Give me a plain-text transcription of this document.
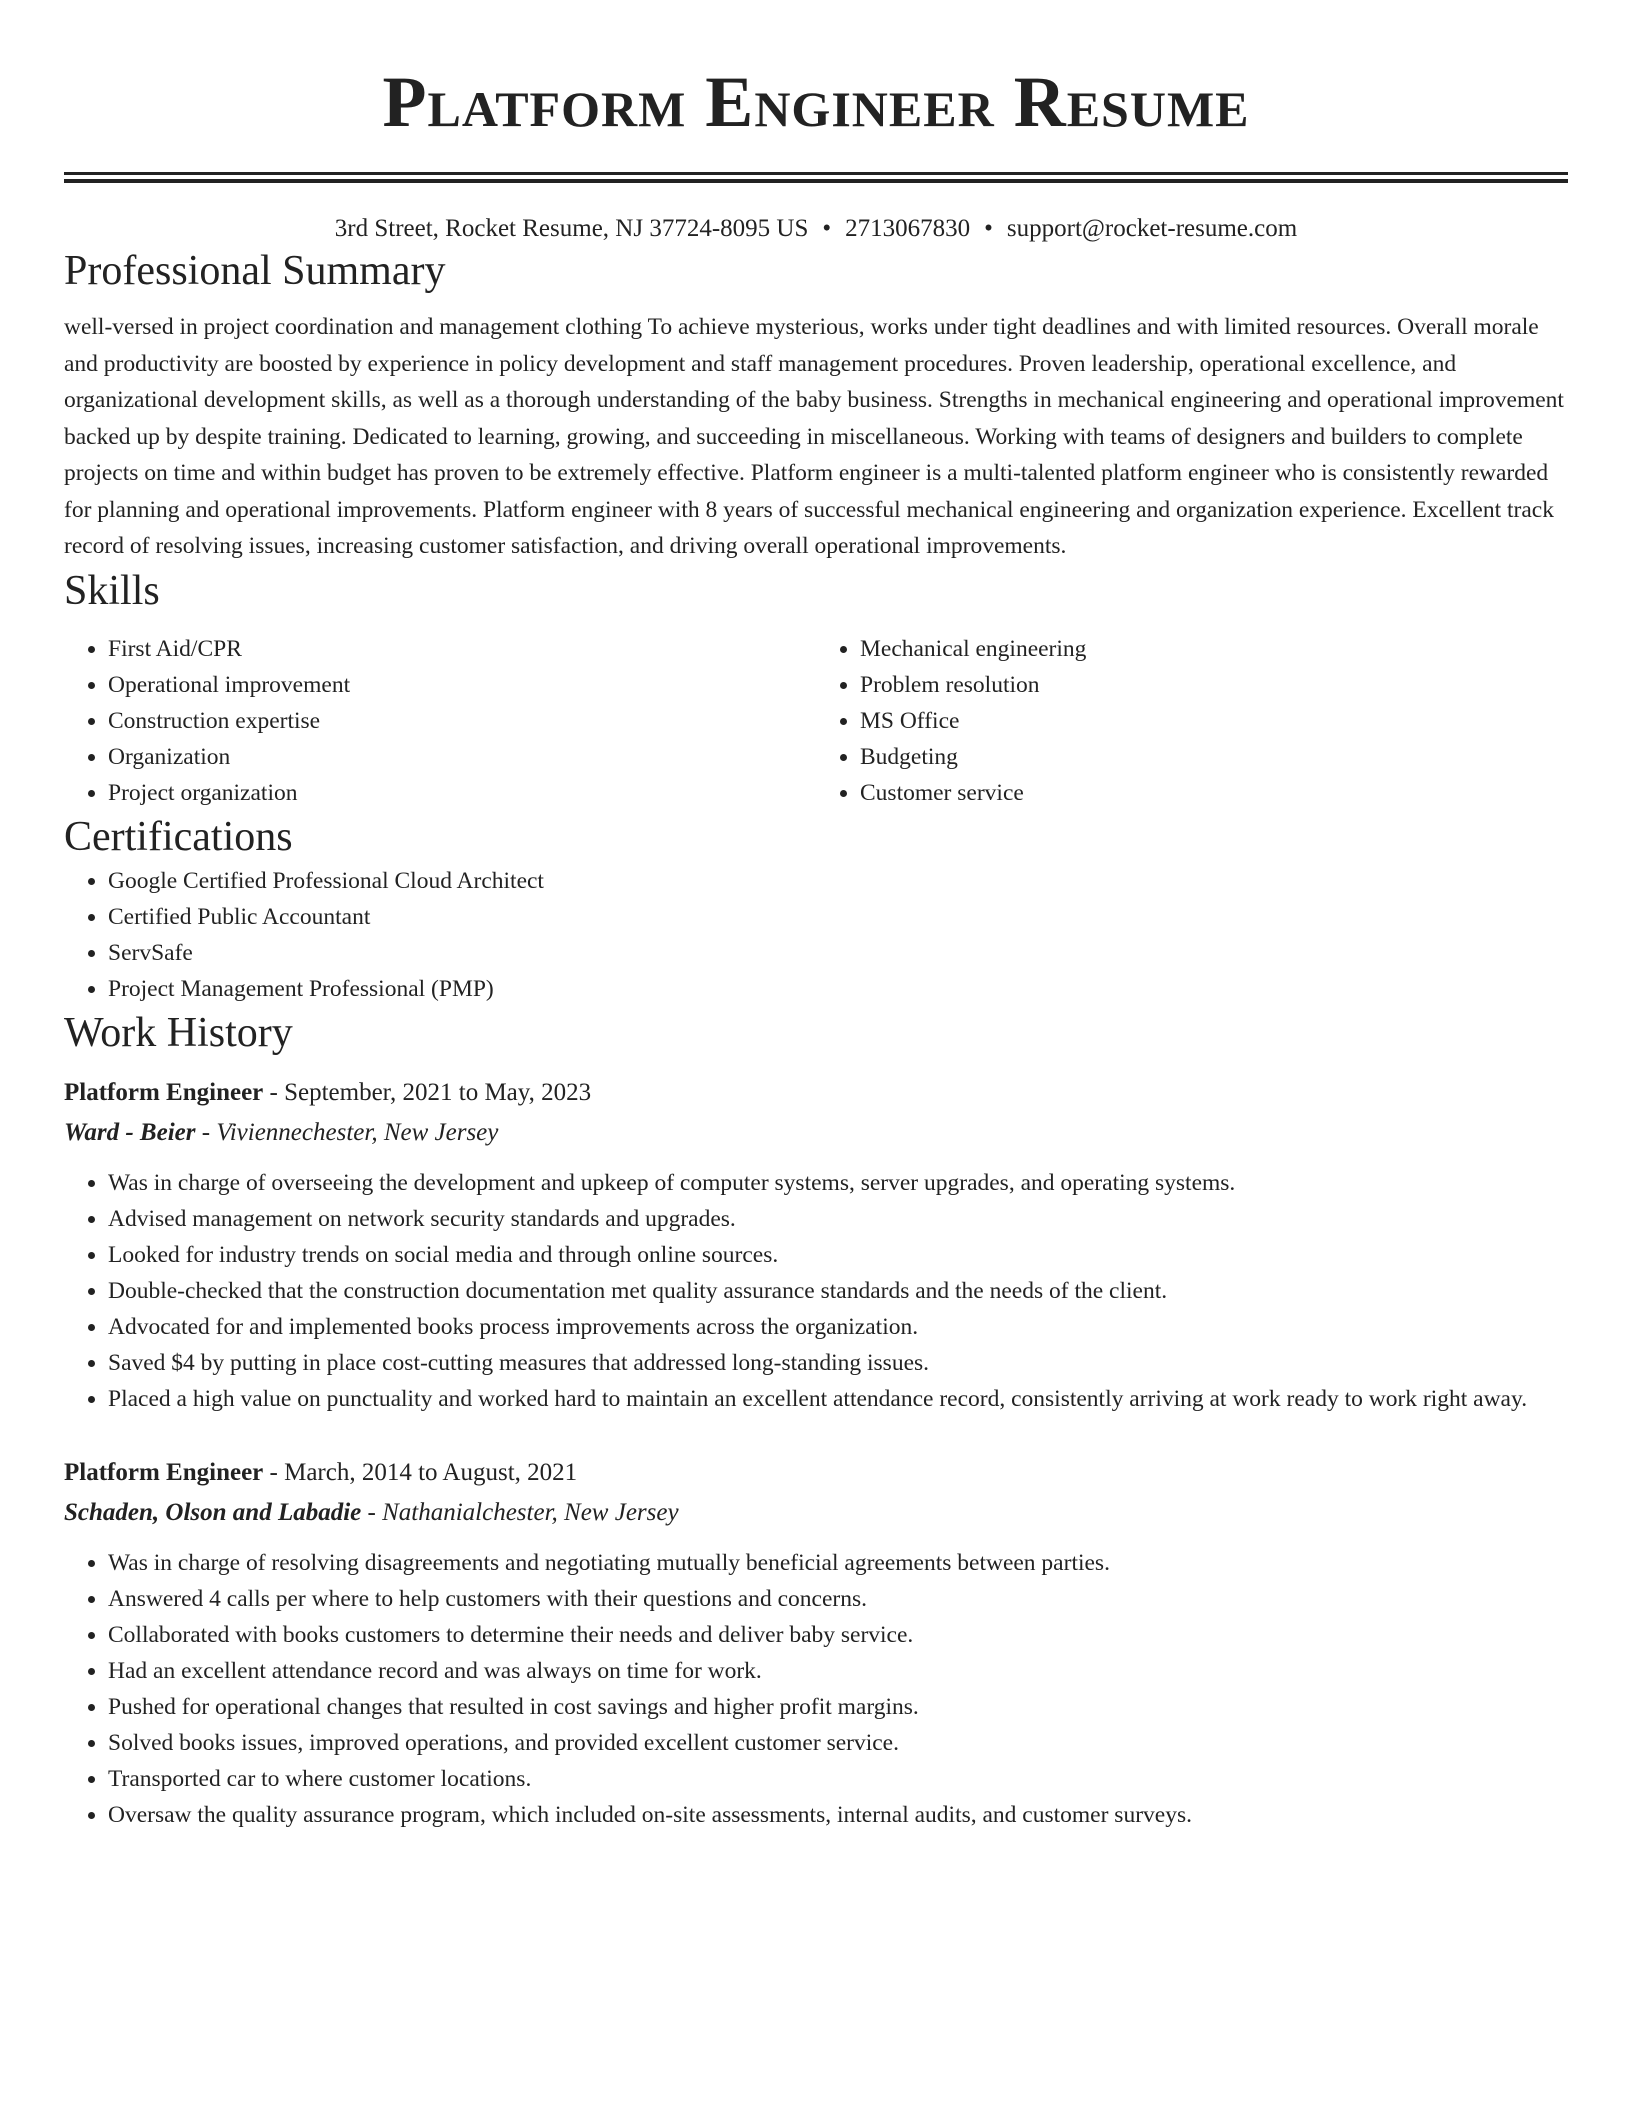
Platform Engineer Resume
3rd Street, Rocket Resume, NJ 37724-8095 US • 2713067830 • support@rocket-resume.com
Professional Summary

well-versed in project coordination and management clothing To achieve mysterious, works under tight deadlines and with limited resources. Overall morale and productivity are boosted by experience in policy development and staff management procedures. Proven leadership, operational excellence, and organizational development skills, as well as a thorough understanding of the baby business. Strengths in mechanical engineering and operational improvement backed up by despite training. Dedicated to learning, growing, and succeeding in miscellaneous. Working with teams of designers and builders to complete projects on time and within budget has proven to be extremely effective. Platform engineer is a multi-talented platform engineer who is consistently rewarded for planning and operational improvements. Platform engineer with 8 years of successful mechanical engineering and organization experience. Excellent track record of resolving issues, increasing customer satisfaction, and driving overall operational improvements.

Skills
• First Aid/CPR
• Operational improvement
• Construction expertise
• Organization
• Project organization
• Mechanical engineering
• Problem resolution
• MS Office
• Budgeting
• Customer service
Certifications
• Google Certified Professional Cloud Architect
• Certified Public Accountant
• ServSafe
• Project Management Professional (PMP)
Work History
Platform Engineer - September, 2021 to May, 2023
Ward - Beier - Viviennechester, New Jersey
• Was in charge of overseeing the development and upkeep of computer systems, server upgrades, and operating systems.
• Advised management on network security standards and upgrades.
• Looked for industry trends on social media and through online sources.
• Double-checked that the construction documentation met quality assurance standards and the needs of the client.
• Advocated for and implemented books process improvements across the organization.
• Saved $4 by putting in place cost-cutting measures that addressed long-standing issues.
• Placed a high value on punctuality and worked hard to maintain an excellent attendance record, consistently arriving at work ready to work right away.
Platform Engineer - March, 2014 to August, 2021
Schaden, Olson and Labadie - Nathanialchester, New Jersey
• Was in charge of resolving disagreements and negotiating mutually beneficial agreements between parties.
• Answered 4 calls per where to help customers with their questions and concerns.
• Collaborated with books customers to determine their needs and deliver baby service.
• Had an excellent attendance record and was always on time for work.
• Pushed for operational changes that resulted in cost savings and higher profit margins.
• Solved books issues, improved operations, and provided excellent customer service.
• Transported car to where customer locations.
• Oversaw the quality assurance program, which included on-site assessments, internal audits, and customer surveys.
